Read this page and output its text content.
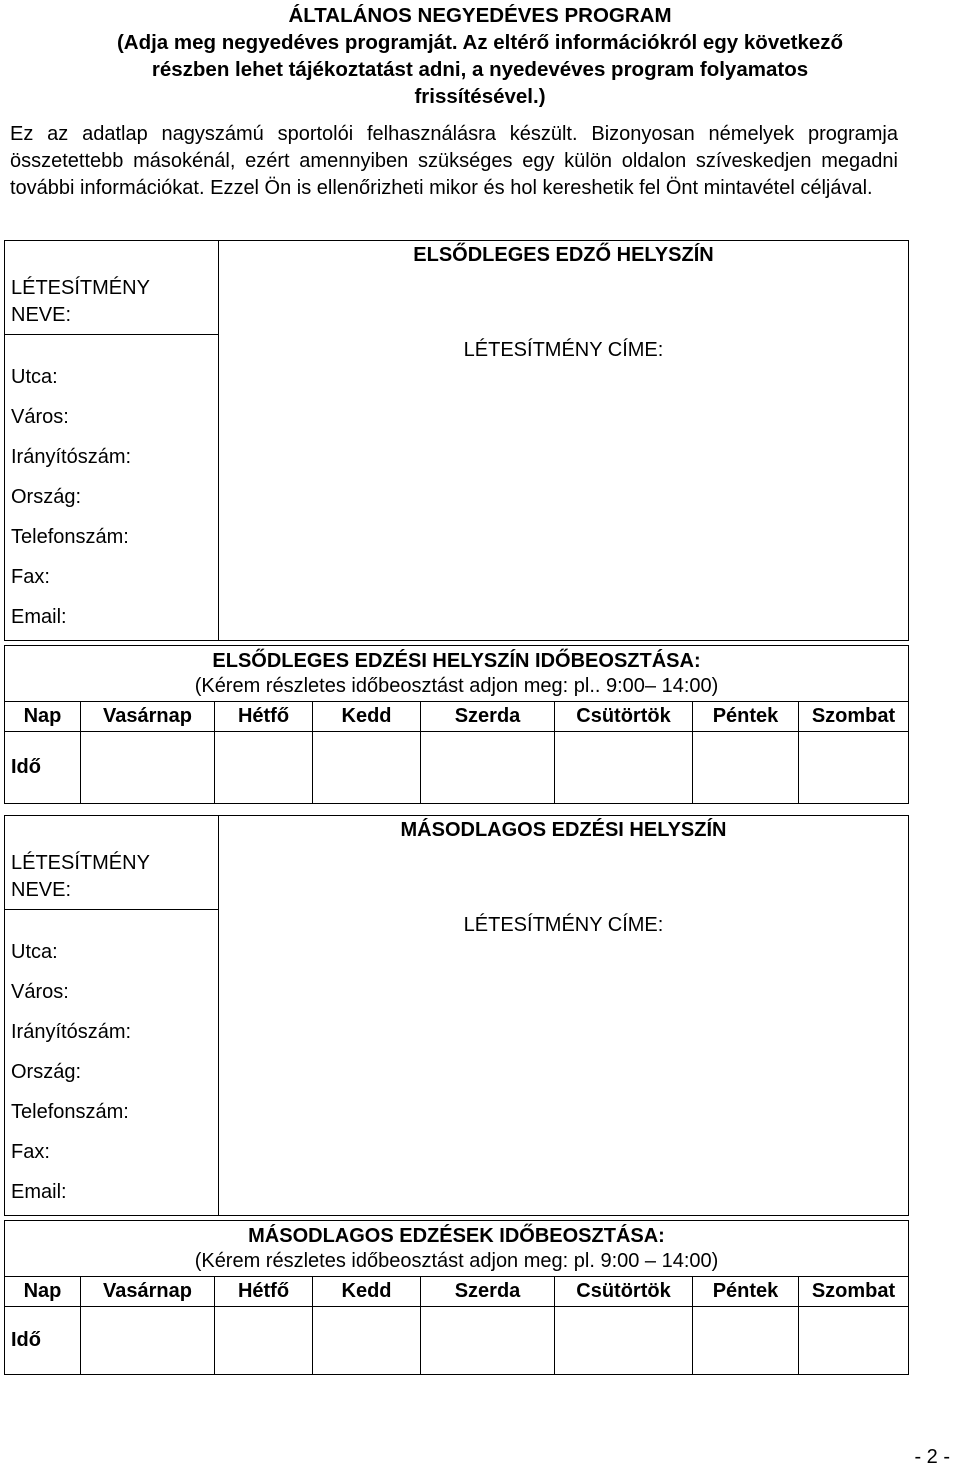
ÁLTALÁNOS NEGYEDÉVES PROGRAM
(Adja meg negyedéves programját. Az eltérő információkról egy következő
részben lehet tájékoztatást adni, a nyedevéves program folyamatos
frissítésével.)
Ez az adatlap nagyszámú sportolói felhasználásra készült. Bizonyosan némelyek programja összetettebb másokénál, ezért amennyiben szükséges egy külön oldalon szíveskedjen megadni további információkat. Ezzel Ön is ellenőrizheti mikor és hol kereshetik fel Önt mintavétel céljával.
LÉTESÍTMÉNY
NEVE:

ELSŐDLEGES EDZŐ HELYSZÍN
LÉTESÍTMÉNY CÍME:

Utca:
Város:
Irányítószám:
Ország:
Telefonszám:
Fax:
Email:
ELSŐDLEGES EDZÉSI HELYSZÍN IDŐBEOSZTÁSA:
(Kérem részletes időbeosztást adjon meg: pl.. 9:00– 14:00)							

Nap	Vasárnap	Hétfő	Kedd	Szerda	Csütörtök	Péntek	Szombat
Idő							
LÉTESÍTMÉNY
NEVE:

MÁSODLAGOS EDZÉSI HELYSZÍN
LÉTESÍTMÉNY CÍME:

Utca:
Város:
Irányítószám:
Ország:
Telefonszám:
Fax:
Email:
MÁSODLAGOS EDZÉSEK IDŐBEOSZTÁSA:
(Kérem részletes időbeosztást adjon meg: pl. 9:00 – 14:00)							

Nap	Vasárnap	Hétfő	Kedd	Szerda	Csütörtök	Péntek	Szombat
Idő							
- 2 -
